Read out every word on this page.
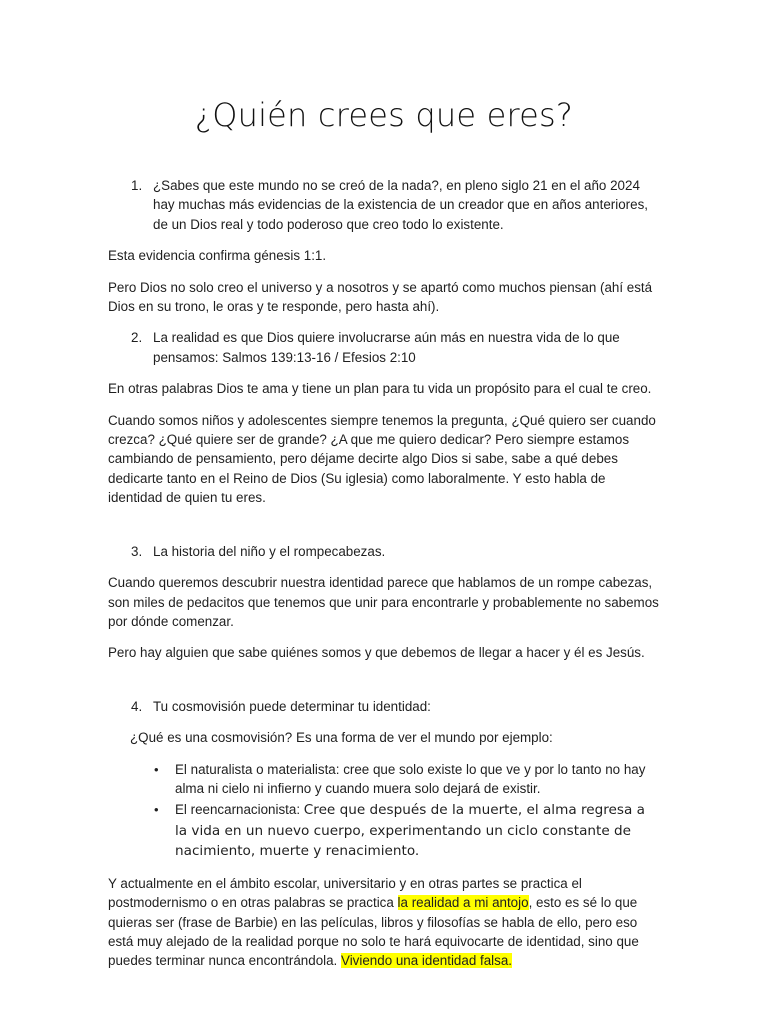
¿Quién crees que eres?
1. ¿Sabes que este mundo no se creó de la nada?, en pleno siglo 21 en el año 2024 hay muchas más evidencias de la existencia de un creador que en años anteriores, de un Dios real y todo poderoso que creo todo lo existente.

Esta evidencia confirma génesis 1:1.

Pero Dios no solo creo el universo y a nosotros y se apartó como muchos piensan (ahí está Dios en su trono, le oras y te responde, pero hasta ahí).

2. La realidad es que Dios quiere involucrarse aún más en nuestra vida de lo que pensamos: Salmos 139:13-16 / Efesios 2:10

En otras palabras Dios te ama y tiene un plan para tu vida un propósito para el cual te creo.

Cuando somos niños y adolescentes siempre tenemos la pregunta, ¿Qué quiero ser cuando crezca? ¿Qué quiere ser de grande? ¿A que me quiero dedicar? Pero siempre estamos cambiando de pensamiento, pero déjame decirte algo Dios si sabe, sabe a qué debes dedicarte tanto en el Reino de Dios (Su iglesia) como laboralmente. Y esto habla de identidad de quien tu eres.

3. La historia del niño y el rompecabezas.

Cuando queremos descubrir nuestra identidad parece que hablamos de un rompe cabezas, son miles de pedacitos que tenemos que unir para encontrarle y probablemente no sabemos por dónde comenzar.

Pero hay alguien que sabe quiénes somos y que debemos de llegar a hacer y él es Jesús.

4. Tu cosmovisión puede determinar tu identidad:

¿Qué es una cosmovisión? Es una forma de ver el mundo por ejemplo:

• El naturalista o materialista: cree que solo existe lo que ve y por lo tanto no hay alma ni cielo ni infierno y cuando muera solo dejará de existir.
• El reencarnacionista: Cree que después de la muerte, el alma regresa a la vida en un nuevo cuerpo, experimentando un ciclo constante de nacimiento, muerte y renacimiento.

Y actualmente en el ámbito escolar, universitario y en otras partes se practica el postmodernismo o en otras palabras se practica la realidad a mi antojo, esto es sé lo que quieras ser (frase de Barbie) en las películas, libros y filosofías se habla de ello, pero eso está muy alejado de la realidad porque no solo te hará equivocarte de identidad, sino que puedes terminar nunca encontrándola. Viviendo una identidad falsa.
